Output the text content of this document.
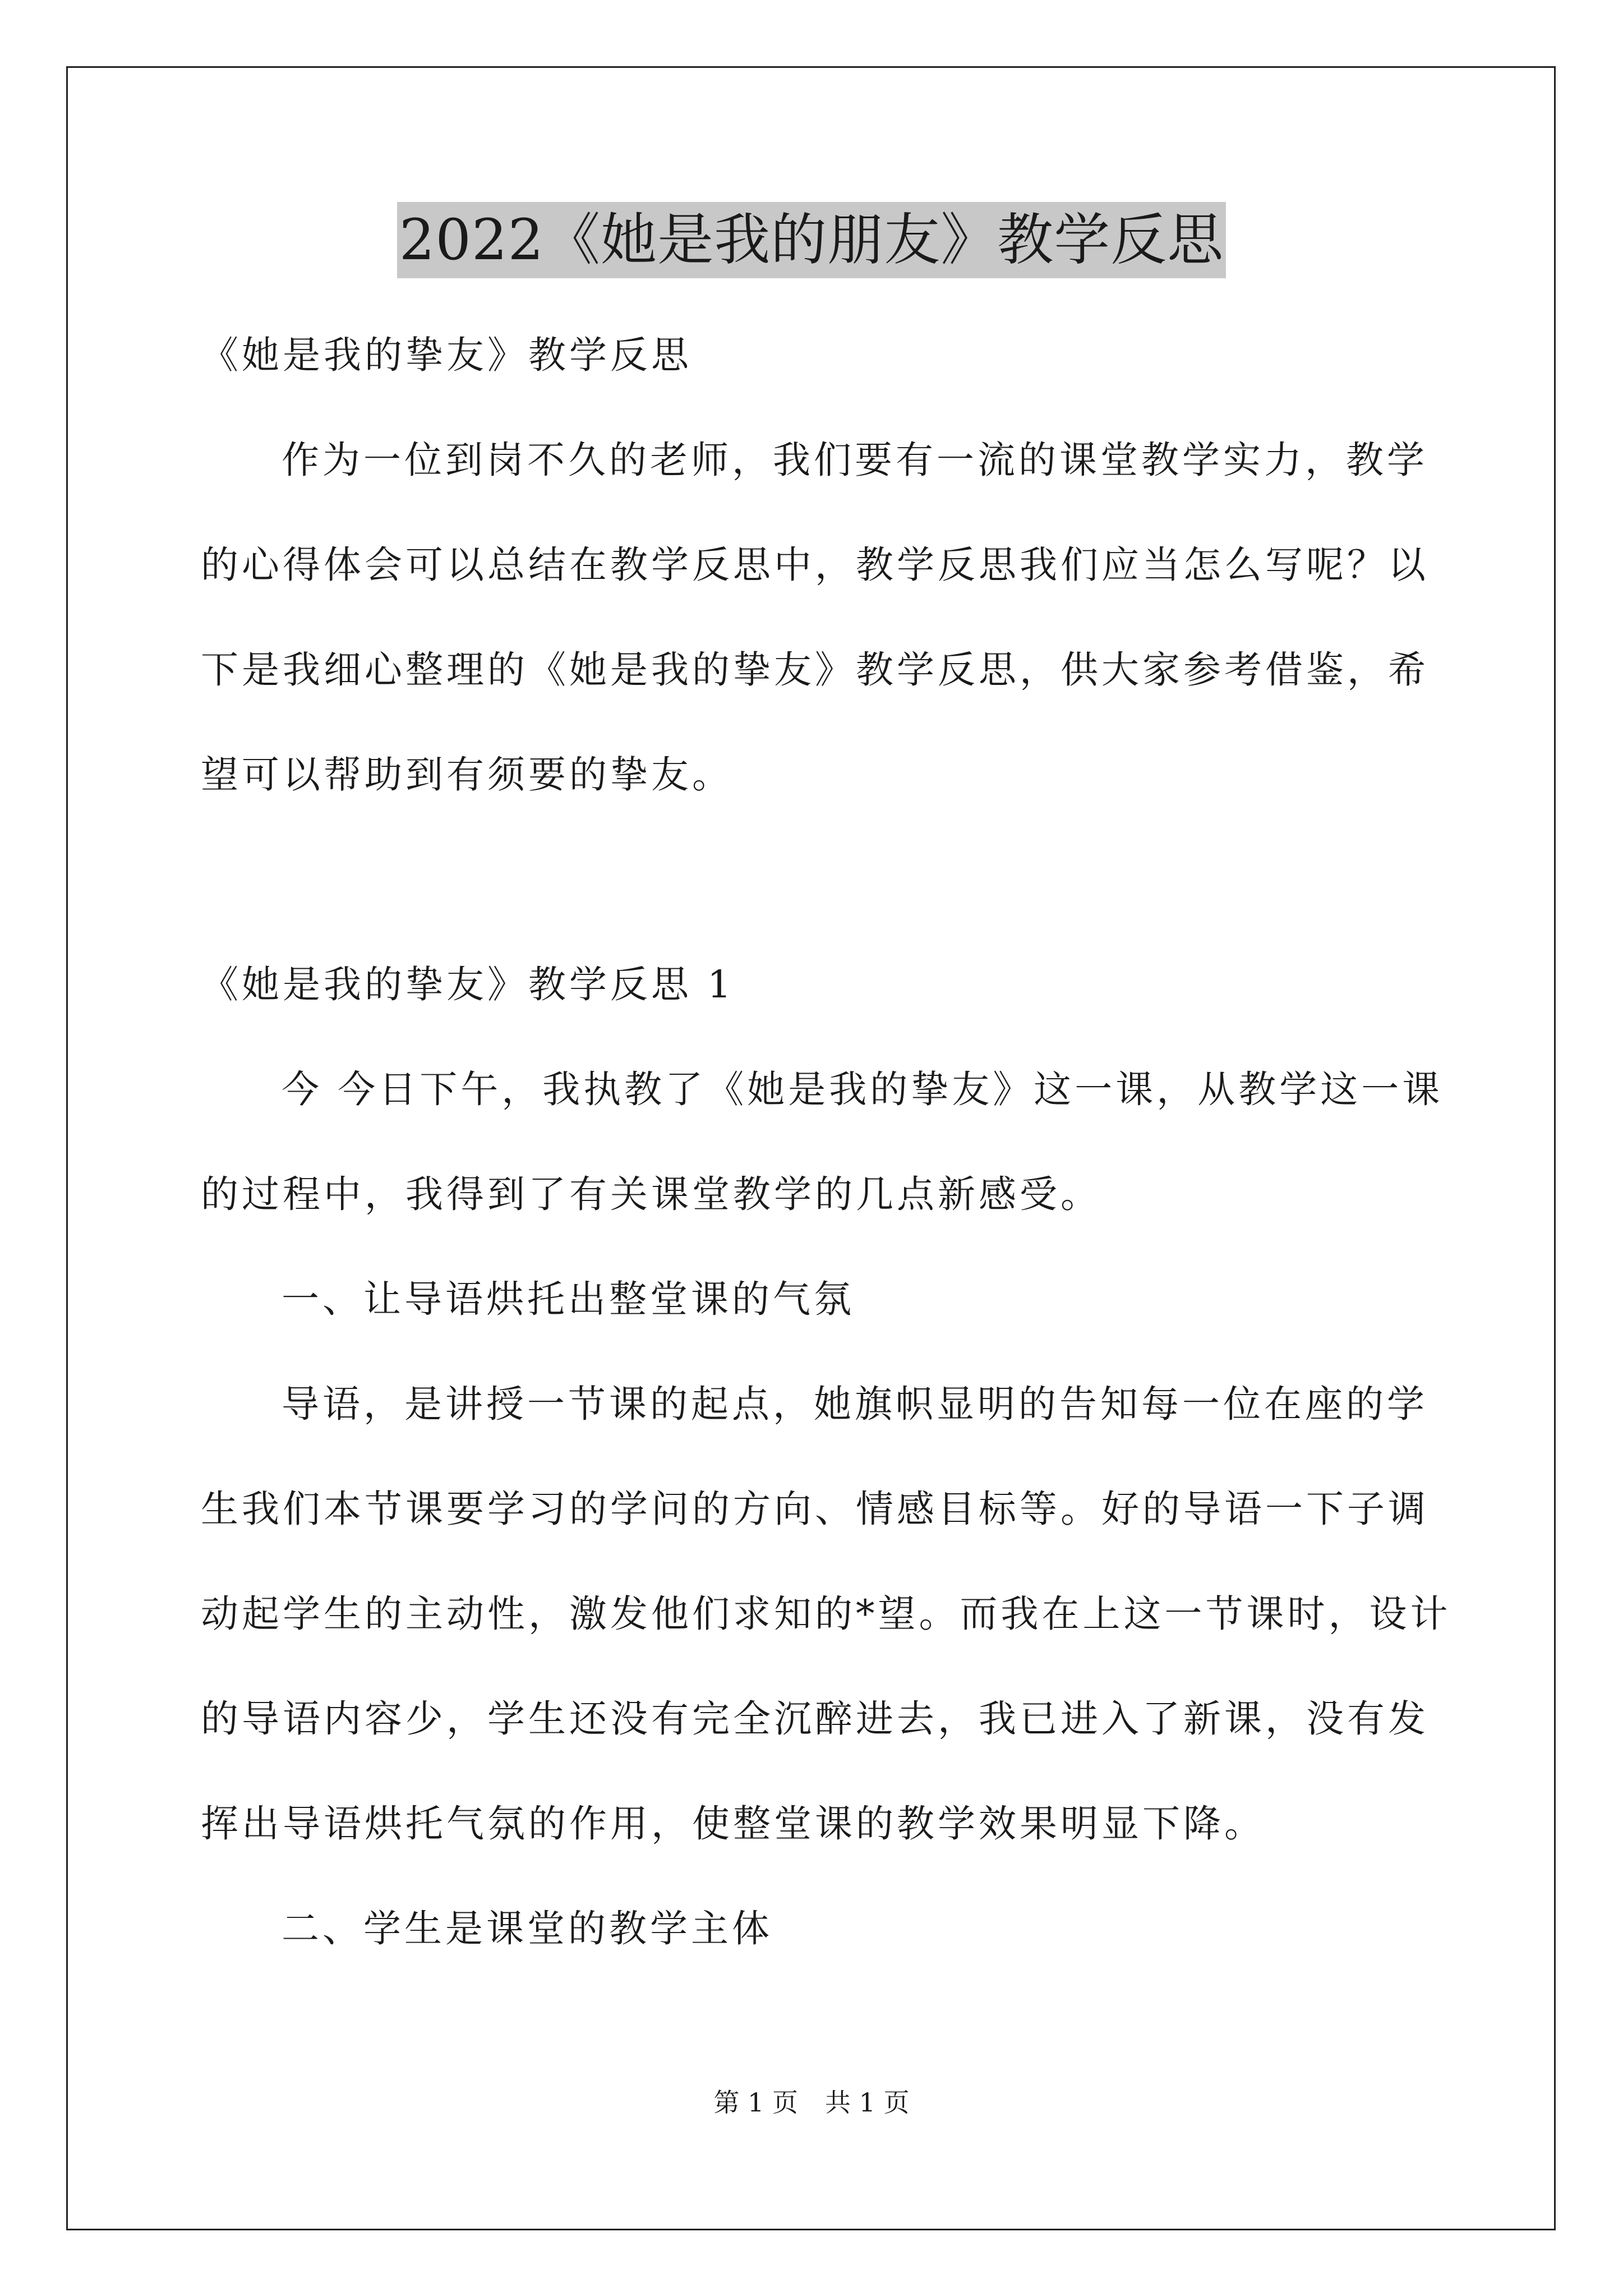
2022《她是我的朋友》教学反思
《她是我的挚友》教学反思
作为一位到岗不久的老师，我们要有一流的课堂教学实力，教学
的心得体会可以总结在教学反思中，教学反思我们应当怎么写呢？以
下是我细心整理的《她是我的挚友》教学反思，供大家参考借鉴，希
望可以帮助到有须要的挚友。
《她是我的挚友》教学反思 1
今 今日下午，我执教了《她是我的挚友》这一课，从教学这一课
的过程中，我得到了有关课堂教学的几点新感受。
一、让导语烘托出整堂课的气氛
导语，是讲授一节课的起点，她旗帜显明的告知每一位在座的学
生我们本节课要学习的学问的方向、情感目标等。好的导语一下子调
动起学生的主动性，激发他们求知的*望。而我在上这一节课时，设计
的导语内容少，学生还没有完全沉醉进去，我已进入了新课，没有发
挥出导语烘托气氛的作用，使整堂课的教学效果明显下降。
二、学生是课堂的教学主体
第 1 页 共 1 页
